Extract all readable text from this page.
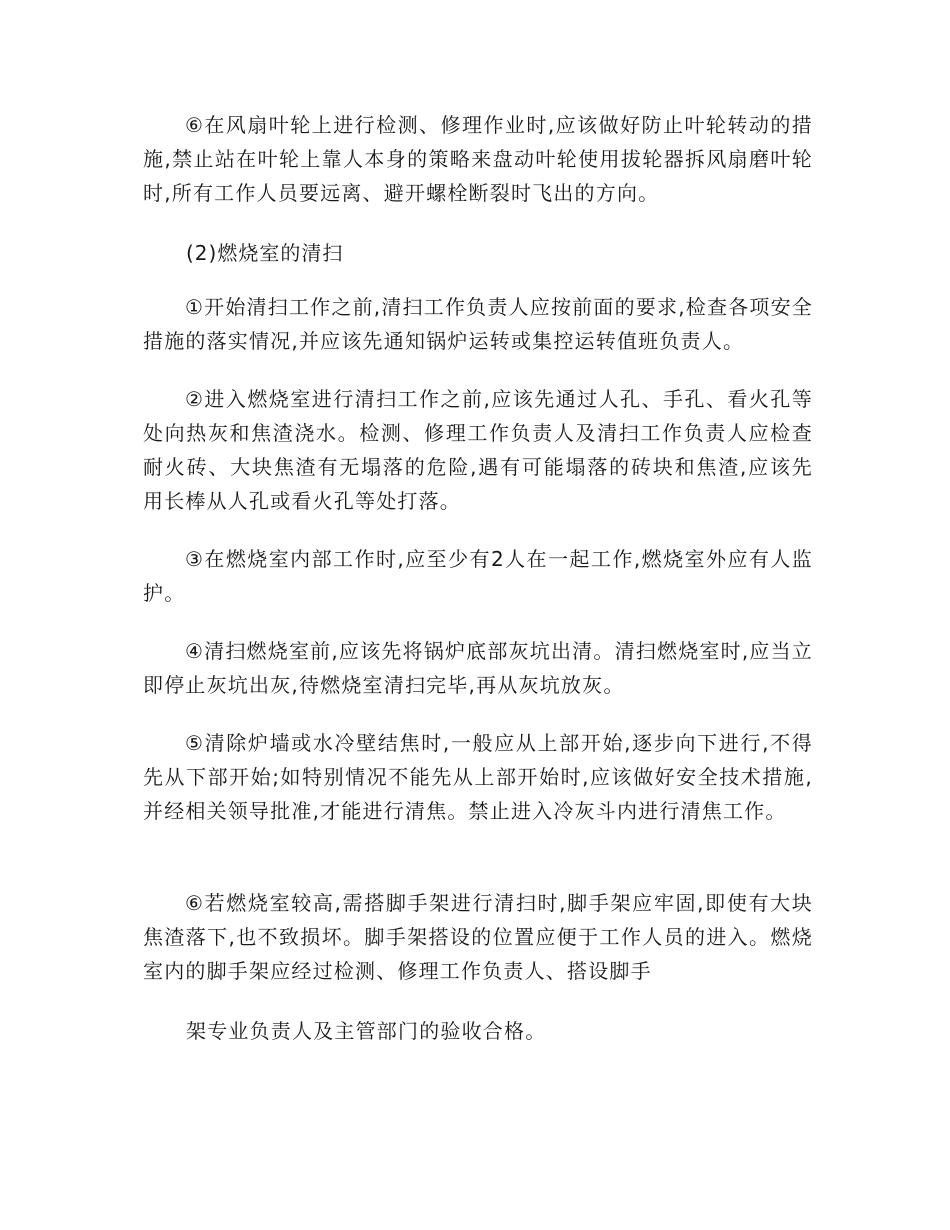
⑥在风扇叶轮上进行检测、修理作业时,应该做好防止叶轮转动的措施,禁止站在叶轮上靠人本身的策略来盘动叶轮使用拔轮器拆风扇磨叶轮时,所有工作人员要远离、避开螺栓断裂时飞出的方向。

(2)燃烧室的清扫

①开始清扫工作之前,清扫工作负责人应按前面的要求,检查各项安全措施的落实情况,并应该先通知锅炉运转或集控运转值班负责人。

②进入燃烧室进行清扫工作之前,应该先通过人孔、手孔、看火孔等处向热灰和焦渣浇水。检测、修理工作负责人及清扫工作负责人应检查耐火砖、大块焦渣有无塌落的危险,遇有可能塌落的砖块和焦渣,应该先用长棒从人孔或看火孔等处打落。

③在燃烧室内部工作时,应至少有2人在一起工作,燃烧室外应有人监护。

④清扫燃烧室前,应该先将锅炉底部灰坑出清。清扫燃烧室时,应当立即停止灰坑出灰,待燃烧室清扫完毕,再从灰坑放灰。

⑤清除炉墙或水冷壁结焦时,一般应从上部开始,逐步向下进行,不得先从下部开始;如特别情况不能先从上部开始时,应该做好安全技术措施,并经相关领导批准,才能进行清焦。禁止进入冷灰斗内进行清焦工作。

⑥若燃烧室较高,需搭脚手架进行清扫时,脚手架应牢固,即使有大块焦渣落下,也不致损坏。脚手架搭设的位置应便于工作人员的进入。燃烧室内的脚手架应经过检测、修理工作负责人、搭设脚手

架专业负责人及主管部门的验收合格。
